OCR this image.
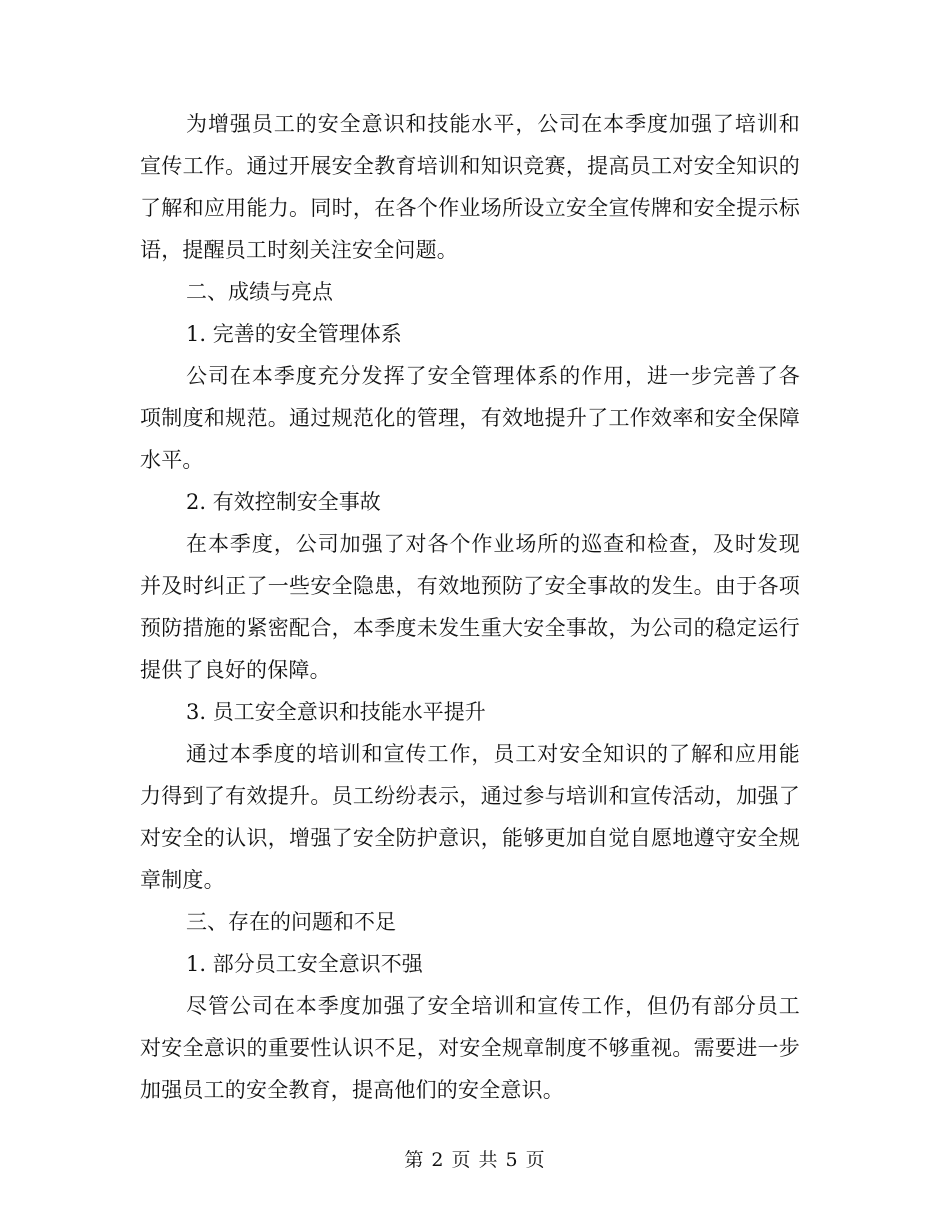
为增强员工的安全意识和技能水平，公司在本季度加强了培训和宣传工作。通过开展安全教育培训和知识竞赛，提高员工对安全知识的了解和应用能力。同时，在各个作业场所设立安全宣传牌和安全提示标语，提醒员工时刻关注安全问题。

二、成绩与亮点

1. 完善的安全管理体系

公司在本季度充分发挥了安全管理体系的作用，进一步完善了各项制度和规范。通过规范化的管理，有效地提升了工作效率和安全保障水平。

2. 有效控制安全事故

在本季度，公司加强了对各个作业场所的巡查和检查，及时发现并及时纠正了一些安全隐患，有效地预防了安全事故的发生。由于各项预防措施的紧密配合，本季度未发生重大安全事故，为公司的稳定运行提供了良好的保障。

3. 员工安全意识和技能水平提升

通过本季度的培训和宣传工作，员工对安全知识的了解和应用能力得到了有效提升。员工纷纷表示，通过参与培训和宣传活动，加强了对安全的认识，增强了安全防护意识，能够更加自觉自愿地遵守安全规章制度。

三、存在的问题和不足

1. 部分员工安全意识不强

尽管公司在本季度加强了安全培训和宣传工作，但仍有部分员工对安全意识的重要性认识不足，对安全规章制度不够重视。需要进一步加强员工的安全教育，提高他们的安全意识。

第 2 页 共 5 页
